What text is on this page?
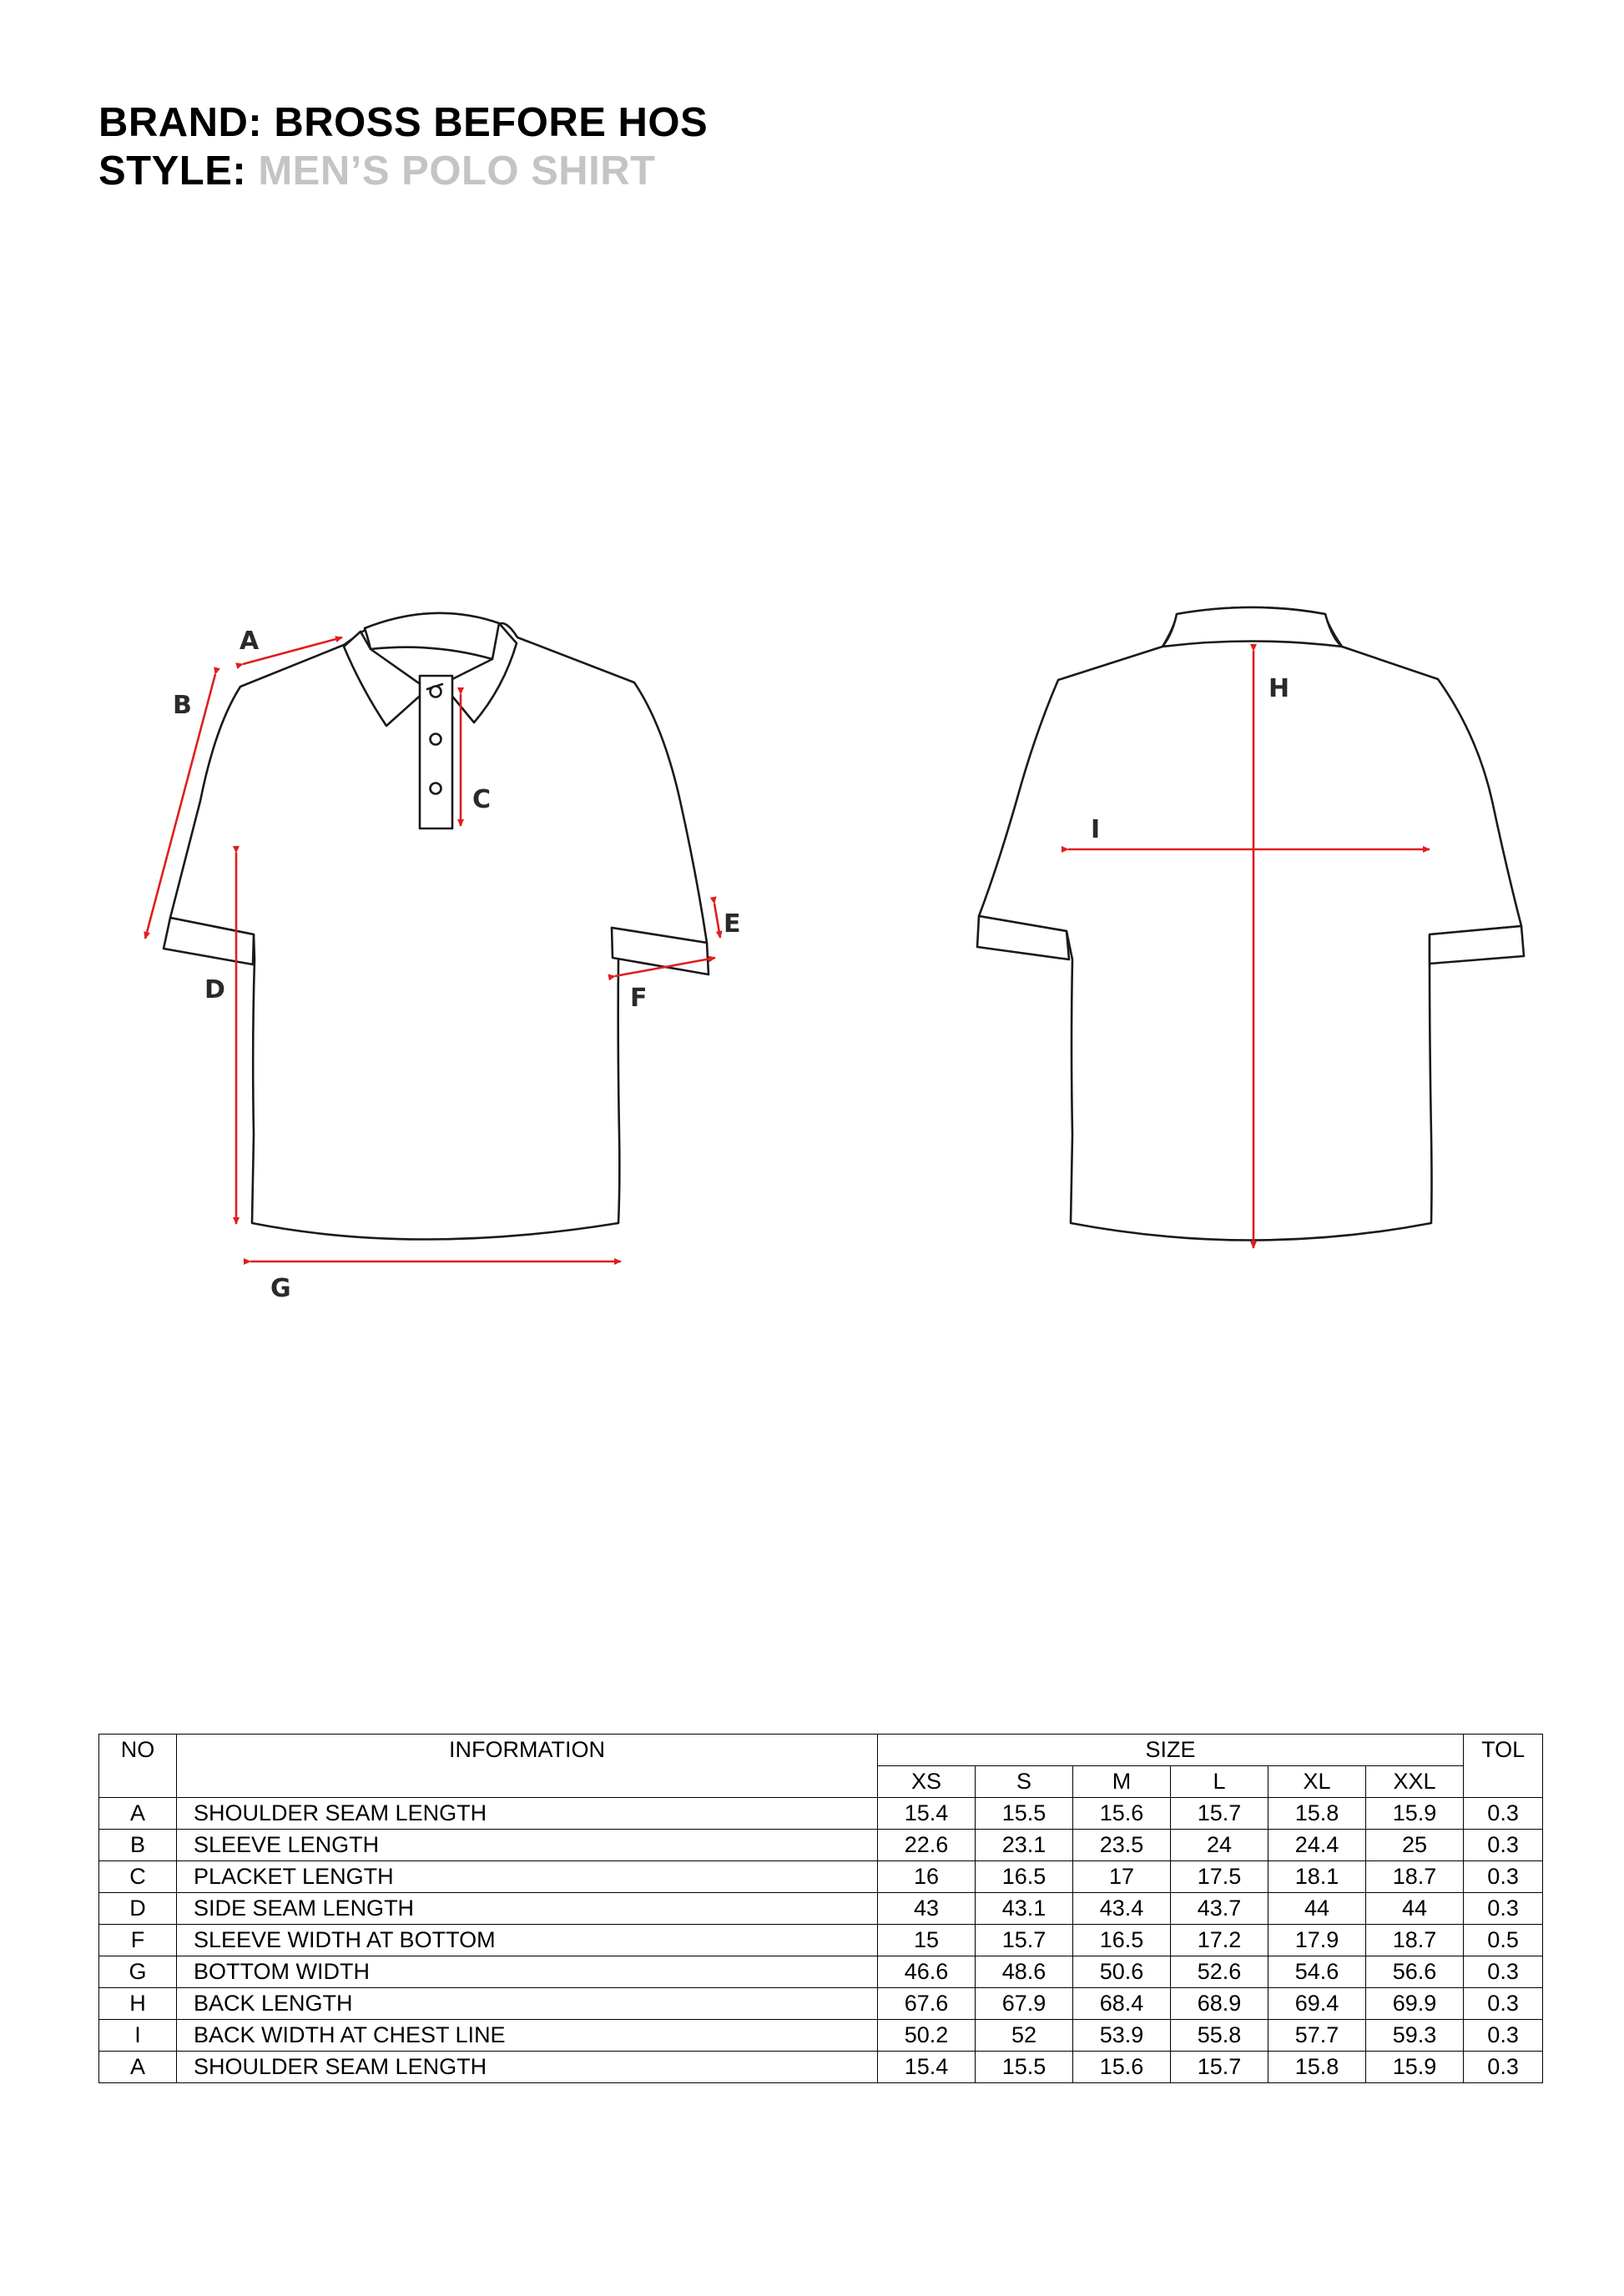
BRAND: BROSS BEFORE HOS
STYLE: MEN’S POLO SHIRT
A
B
C
D
E
F
G
H
I
NO	INFORMATION	SIZE						TOL
		XS	S	M	L	XL	XXL	
A	SHOULDER SEAM LENGTH	15.4	15.5	15.6	15.7	15.8	15.9	0.3
B	SLEEVE LENGTH	22.6	23.1	23.5	24	24.4	25	0.3
C	PLACKET LENGTH	16	16.5	17	17.5	18.1	18.7	0.3
D	SIDE SEAM LENGTH	43	43.1	43.4	43.7	44	44	0.3
F	SLEEVE WIDTH AT BOTTOM	15	15.7	16.5	17.2	17.9	18.7	0.5
G	BOTTOM WIDTH	46.6	48.6	50.6	52.6	54.6	56.6	0.3
H	BACK LENGTH	67.6	67.9	68.4	68.9	69.4	69.9	0.3
I	BACK WIDTH AT CHEST LINE	50.2	52	53.9	55.8	57.7	59.3	0.3
A	SHOULDER SEAM LENGTH	15.4	15.5	15.6	15.7	15.8	15.9	0.3
